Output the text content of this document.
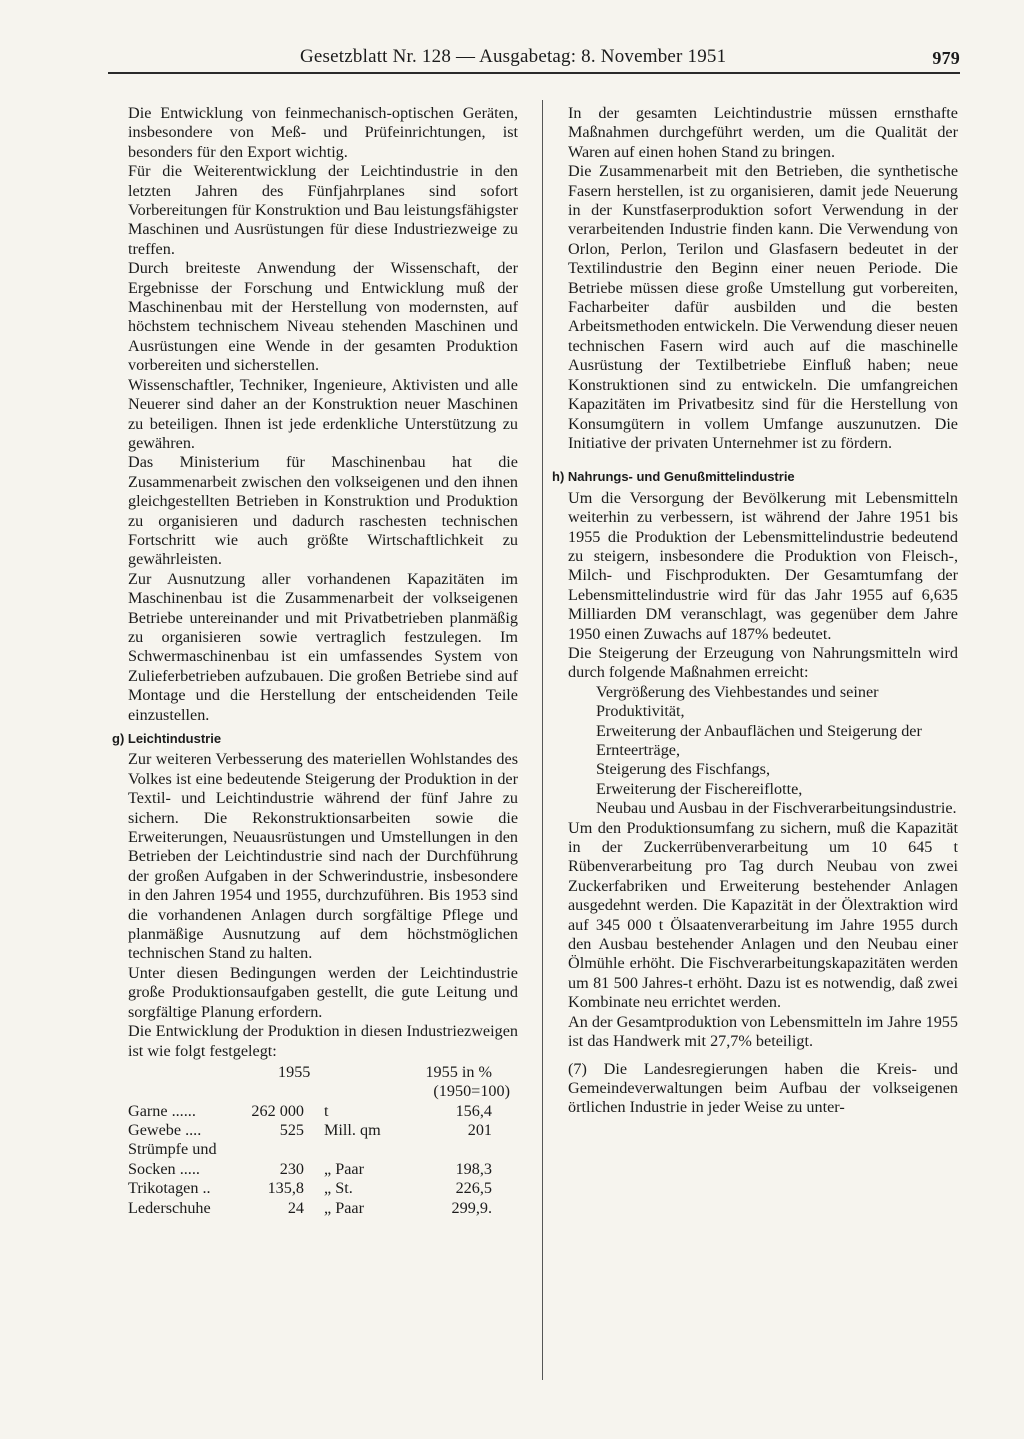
Gesetzblatt Nr. 128 — Ausgabetag: 8. November 1951	979

Die Entwicklung von feinmechanisch-optischen Geräten, insbesondere von Meß- und Prüfeinrichtungen, ist besonders für den Export wichtig.

Für die Weiterentwicklung der Leichtindustrie in den letzten Jahren des Fünfjahrplanes sind sofort Vorbereitungen für Konstruktion und Bau leistungsfähigster Maschinen und Ausrüstungen für diese Industriezweige zu treffen.

Durch breiteste Anwendung der Wissenschaft, der Ergebnisse der Forschung und Entwicklung muß der Maschinenbau mit der Herstellung von modernsten, auf höchstem technischem Niveau stehenden Maschinen und Ausrüstungen eine Wende in der gesamten Produktion vorbereiten und sicherstellen.

Wissenschaftler, Techniker, Ingenieure, Aktivisten und alle Neuerer sind daher an der Konstruktion neuer Maschinen zu beteiligen. Ihnen ist jede erdenkliche Unterstützung zu gewähren.

Das Ministerium für Maschinenbau hat die Zusammenarbeit zwischen den volkseigenen und den ihnen gleichgestellten Betrieben in Konstruktion und Produktion zu organisieren und dadurch raschesten technischen Fortschritt wie auch größte Wirtschaftlichkeit zu gewährleisten.

Zur Ausnutzung aller vorhandenen Kapazitäten im Maschinenbau ist die Zusammenarbeit der volkseigenen Betriebe untereinander und mit Privatbetrieben planmäßig zu organisieren sowie vertraglich festzulegen. Im Schwermaschinenbau ist ein umfassendes System von Zulieferbetrieben aufzubauen. Die großen Betriebe sind auf Montage und die Herstellung der entscheidenden Teile einzustellen.

g) Leichtindustrie

Zur weiteren Verbesserung des materiellen Wohlstandes des Volkes ist eine bedeutende Steigerung der Produktion in der Textil- und Leichtindustrie während der fünf Jahre zu sichern. Die Rekonstruktionsarbeiten sowie die Erweiterungen, Neuausrüstungen und Umstellungen in den Betrieben der Leichtindustrie sind nach der Durchführung der großen Aufgaben in der Schwerindustrie, insbesondere in den Jahren 1954 und 1955, durchzuführen. Bis 1953 sind die vorhandenen Anlagen durch sorgfältige Pflege und planmäßige Ausnutzung auf dem höchstmöglichen technischen Stand zu halten.

Unter diesen Bedingungen werden der Leichtindustrie große Produktionsaufgaben gestellt, die gute Leitung und sorgfältige Planung erfordern.

Die Entwicklung der Produktion in diesen Industriezweigen ist wie folgt festgelegt:

1955	1955 in %
(1950=100)
Garne ......	262 000 t	156,4
Gewebe ....	525 Mill. qm	201
Strümpfe und
Socken .....	230 „ Paar	198,3
Trikotagen ..	135,8 „ St.	226,5
Lederschuhe	24 „ Paar	299,9.

In der gesamten Leichtindustrie müssen ernsthafte Maßnahmen durchgeführt werden, um die Qualität der Waren auf einen hohen Stand zu bringen.

Die Zusammenarbeit mit den Betrieben, die synthetische Fasern herstellen, ist zu organisieren, damit jede Neuerung in der Kunstfaserproduktion sofort Verwendung in der verarbeitenden Industrie finden kann. Die Verwendung von Orlon, Perlon, Terilon und Glasfasern bedeutet in der Textilindustrie den Beginn einer neuen Periode. Die Betriebe müssen diese große Umstellung gut vorbereiten, Facharbeiter dafür ausbilden und die besten Arbeitsmethoden entwickeln. Die Verwendung dieser neuen technischen Fasern wird auch auf die maschinelle Ausrüstung der Textilbetriebe Einfluß haben; neue Konstruktionen sind zu entwickeln. Die umfangreichen Kapazitäten im Privatbesitz sind für die Herstellung von Konsumgütern in vollem Umfange auszunutzen. Die Initiative der privaten Unternehmer ist zu fördern.

h) Nahrungs- und Genußmittelindustrie

Um die Versorgung der Bevölkerung mit Lebensmitteln weiterhin zu verbessern, ist während der Jahre 1951 bis 1955 die Produktion der Lebensmittelindustrie bedeutend zu steigern, insbesondere die Produktion von Fleisch-, Milch- und Fischprodukten. Der Gesamtumfang der Lebensmittelindustrie wird für das Jahr 1955 auf 6,635 Milliarden DM veranschlagt, was gegenüber dem Jahre 1950 einen Zuwachs auf 187% bedeutet.

Die Steigerung der Erzeugung von Nahrungsmitteln wird durch folgende Maßnahmen erreicht:

Vergrößerung des Viehbestandes und seiner Produktivität,

Erweiterung der Anbauflächen und Steigerung der Ernteerträge,

Steigerung des Fischfangs,

Erweiterung der Fischereiflotte,

Neubau und Ausbau in der Fischverarbeitungsindustrie.

Um den Produktionsumfang zu sichern, muß die Kapazität in der Zuckerrübenverarbeitung um 10 645 t Rübenverarbeitung pro Tag durch Neubau von zwei Zuckerfabriken und Erweiterung bestehender Anlagen ausgedehnt werden. Die Kapazität in der Ölextraktion wird auf 345 000 t Ölsaatenverarbeitung im Jahre 1955 durch den Ausbau bestehender Anlagen und den Neubau einer Ölmühle erhöht. Die Fischverarbeitungskapazitäten werden um 81 500 Jahres-t erhöht. Dazu ist es notwendig, daß zwei Kombinate neu errichtet werden.

An der Gesamtproduktion von Lebensmitteln im Jahre 1955 ist das Handwerk mit 27,7% beteiligt.

(7) Die Landesregierungen haben die Kreis- und Gemeindeverwaltungen beim Aufbau der volkseigenen örtlichen Industrie in jeder Weise zu unter-
